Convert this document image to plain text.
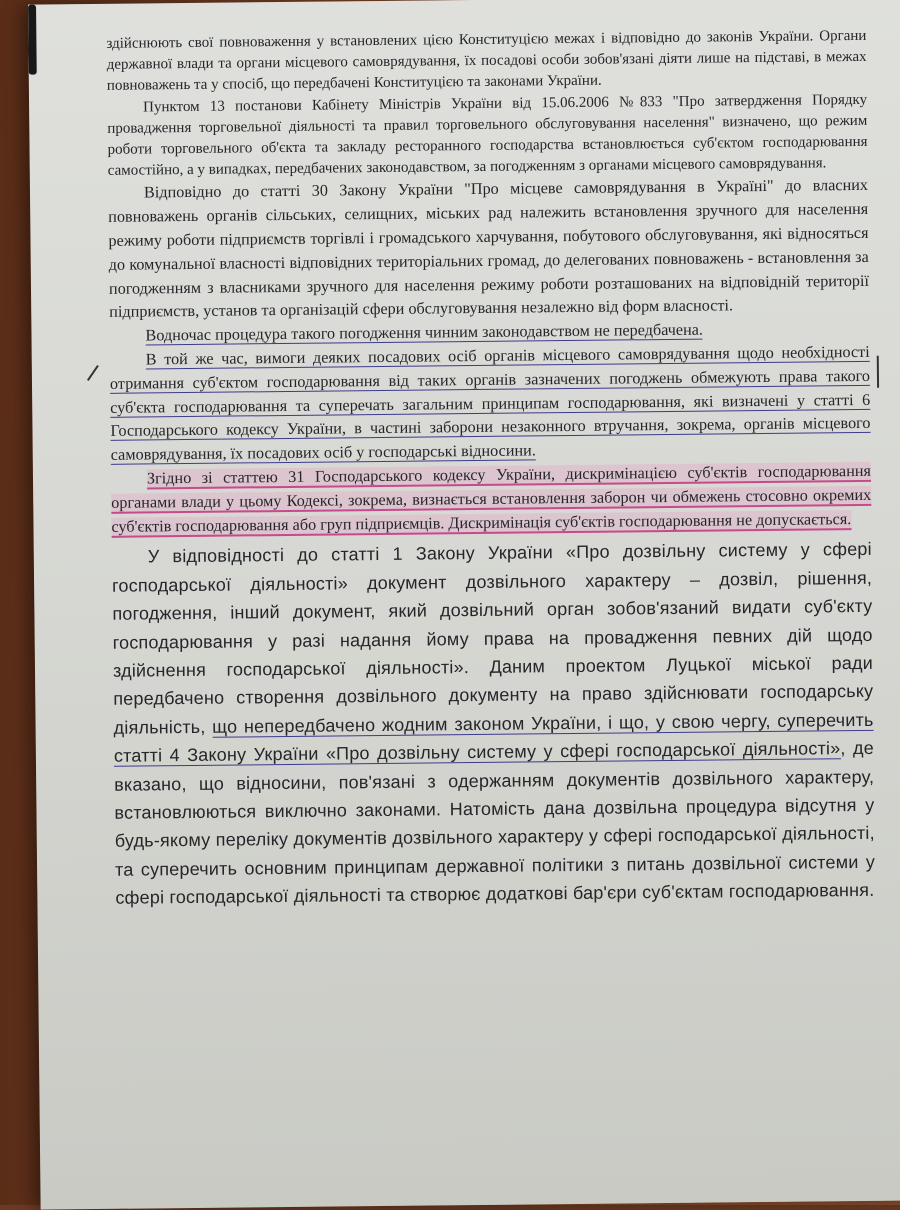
здійснюють свої повноваження у встановлених цією Конституцією межах і відповідно до законів України. Органи державної влади та органи місцевого самоврядування, їх посадові особи зобов'язані діяти лише на підставі, в межах повноважень та у спосіб, що передбачені Конституцією та законами України.

Пунктом 13 постанови Кабінету Міністрів України від 15.06.2006 №833 "Про затвердження Порядку провадження торговельної діяльності та правил торговельного обслуговування населення" визначено, що режим роботи торговельного об'єкта та закладу ресторанного господарства встановлюється суб'єктом господарювання самостійно, а у випадках, передбачених законодавством, за погодженням з органами місцевого самоврядування.

Відповідно до статті 30 Закону України "Про місцеве самоврядування в Україні" до власних повноважень органів сільських, селищних, міських рад належить встановлення зручного для населення режиму роботи підприємств торгівлі і громадського харчування, побутового обслуговування, які відносяться до комунальної власності відповідних територіальних громад, до делегованих повноважень - встановлення за погодженням з власниками зручного для населення режиму роботи розташованих на відповідній території підприємств, установ та організацій сфери обслуговування незалежно від форм власності.

Водночас процедура такого погодження чинним законодавством не передбачена.

В той же час, вимоги деяких посадових осіб органів місцевого самоврядування щодо необхідності отримання суб'єктом господарювання від таких органів зазначених погоджень обмежують права такого суб'єкта господарювання та суперечать загальним принципам господарювання, які визначені у статті 6 Господарського кодексу України, в частині заборони незаконного втручання, зокрема, органів місцевого самоврядування, їх посадових осіб у господарські відносини.

Згідно зі статтею 31 Господарського кодексу України, дискримінацією суб'єктів господарювання органами влади у цьому Кодексі, зокрема, визнається встановлення заборон чи обмежень стосовно окремих суб'єктів господарювання або груп підприємців. Дискримінація суб'єктів господарювання не допускається.

У відповідності до статті 1 Закону України «Про дозвільну систему у сфері господарської діяльності» документ дозвільного характеру – дозвіл, рішення, погодження, інший документ, який дозвільний орган зобов'язаний видати суб'єкту господарювання у разі надання йому права на провадження певних дій щодо здійснення господарської діяльності». Даним проектом Луцької міської ради передбачено створення дозвільного документу на право здійснювати господарську діяльність, що непередбачено жодним законом України, і що, у свою чергу, суперечить статті 4 Закону України «Про дозвільну систему у сфері господарської діяльності», де вказано, що відносини, пов'язані з одержанням документів дозвільного характеру, встановлюються виключно законами. Натомість дана дозвільна процедура відсутня у будь-якому переліку документів дозвільного характеру у сфері господарської діяльності, та суперечить основним принципам державної політики з питань дозвільної системи у сфері господарської діяльності та створює додаткові бар'єри суб'єктам господарювання.
